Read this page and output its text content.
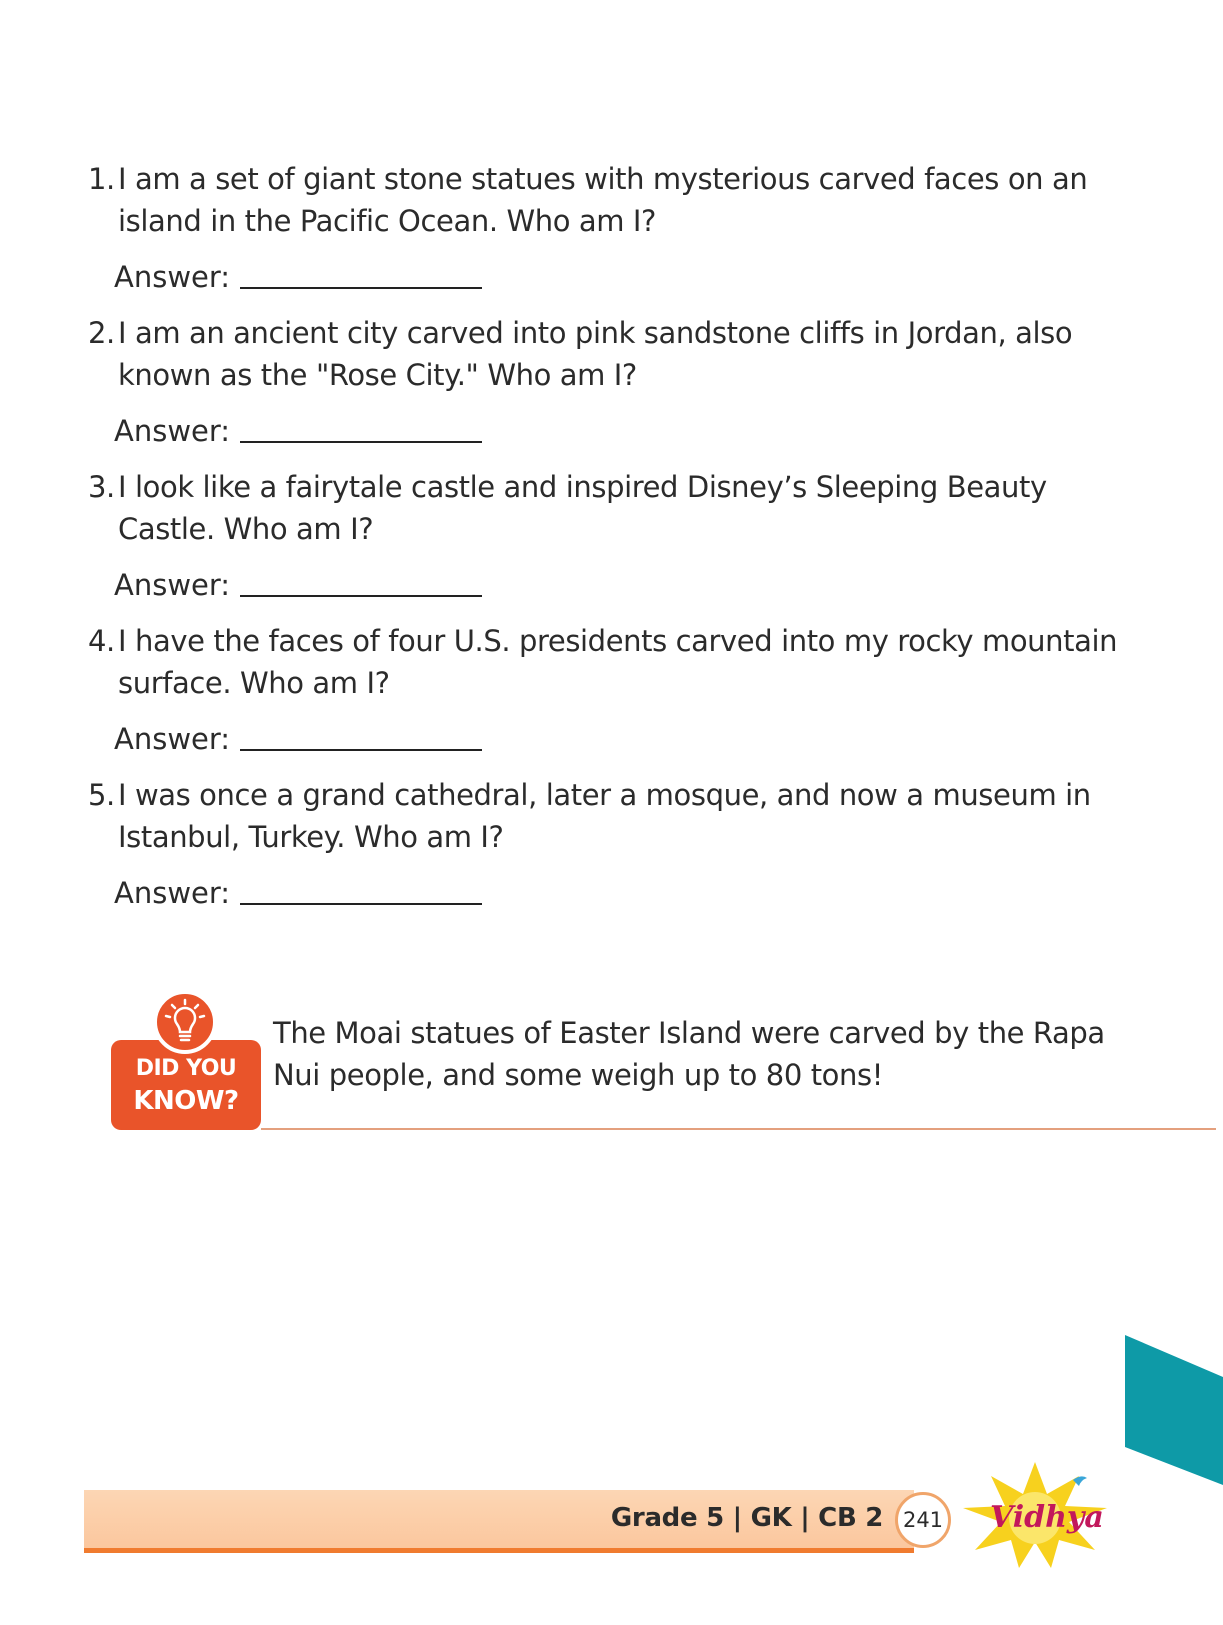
1. I am a set of giant stone statues with mysterious carved faces on an island in the Pacific Ocean. Who am I?
Answer:
2. I am an ancient city carved into pink sandstone cliffs in Jordan, also known as the "Rose City." Who am I?
Answer:
3. I look like a fairytale castle and inspired Disney’s Sleeping Beauty Castle. Who am I?
Answer:
4. I have the faces of four U.S. presidents carved into my rocky mountain surface. Who am I?
Answer:
5. I was once a grand cathedral, later a mosque, and now a museum in Istanbul, Turkey. Who am I?
Answer:
DID YOU
KNOW?
The Moai statues of Easter Island were carved by the Rapa Nui people, and some weigh up to 80 tons!
Grade 5 | GK | CB 2 241 Vidhya
